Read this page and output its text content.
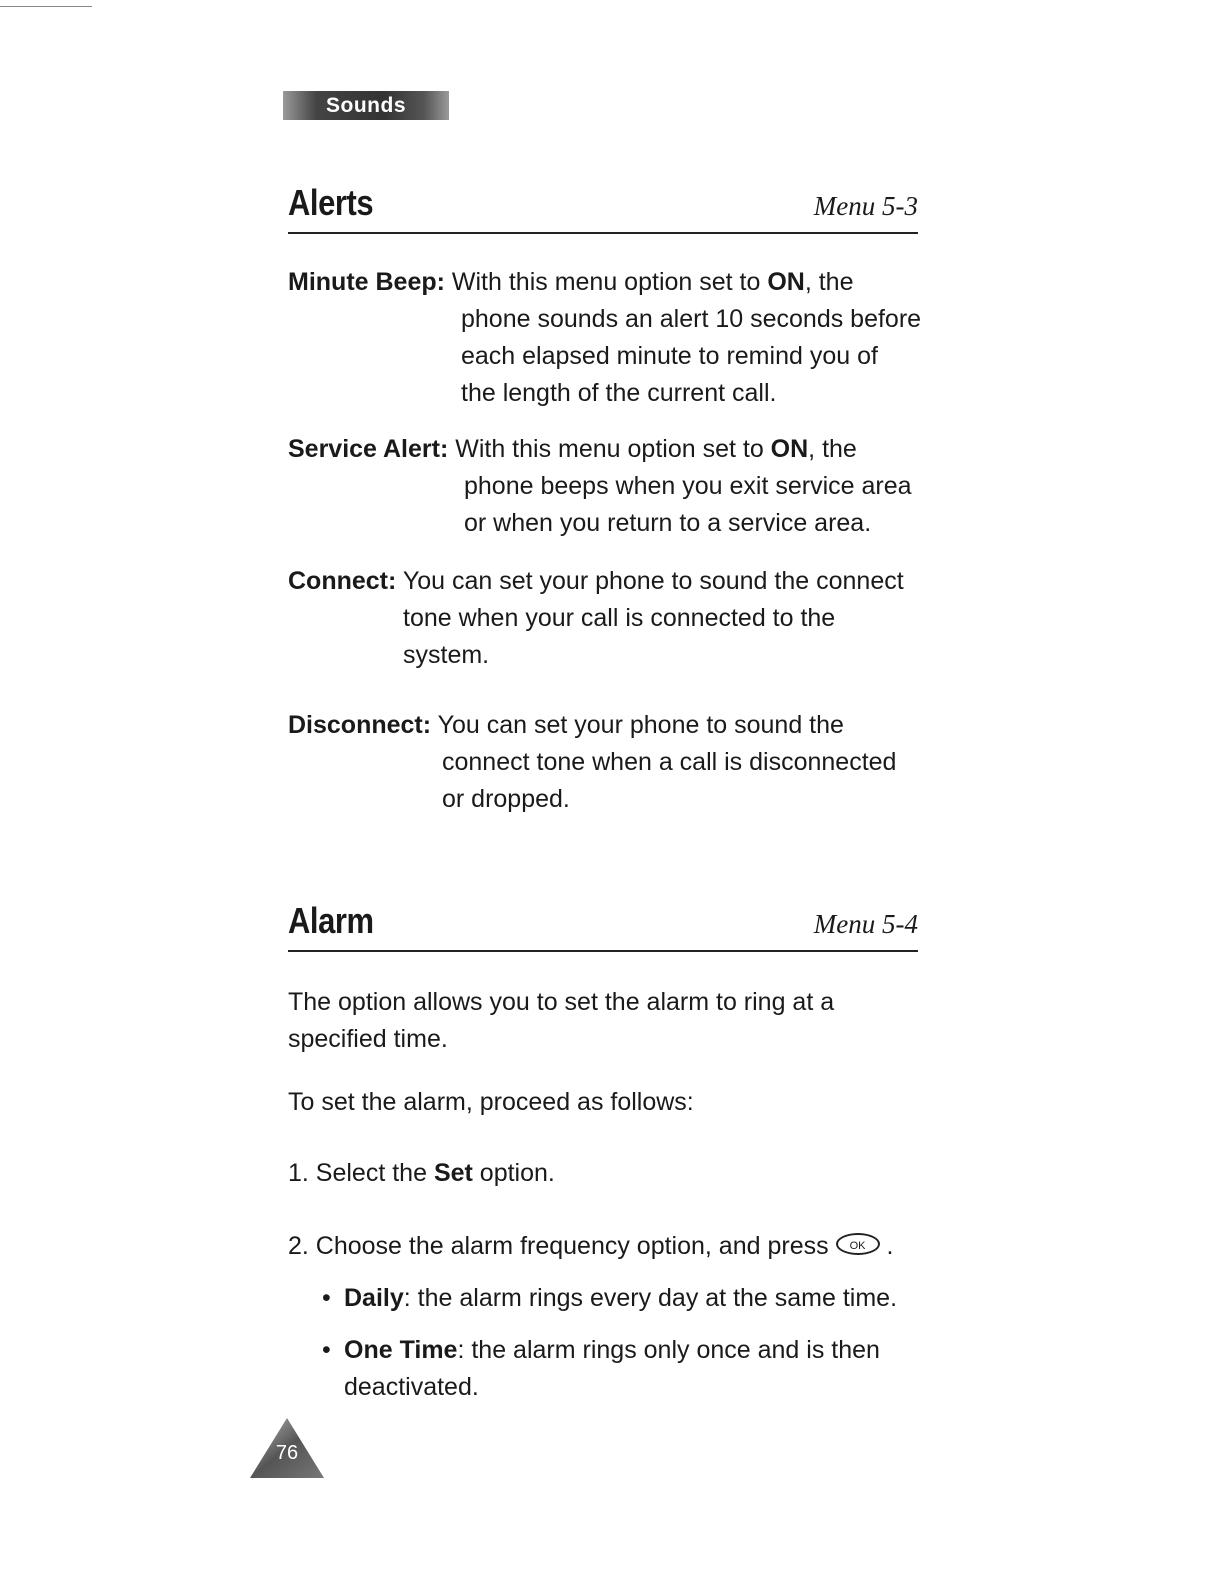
Sounds
Alerts	Menu 5-3
Minute Beep: With this menu option set to ON, the
phone sounds an alert 10 seconds before
each elapsed minute to remind you of
the length of the current call.
Service Alert: With this menu option set to ON, the
phone beeps when you exit service area
or when you return to a service area.
Connect: You can set your phone to sound the connect
tone when your call is connected to the
system.
Disconnect: You can set your phone to sound the
connect tone when a call is disconnected
or dropped.
Alarm	Menu 5-4
The option allows you to set the alarm to ring at a
specified time.
To set the alarm, proceed as follows:
1. Select the Set option.
2. Choose the alarm frequency option, and press OK .
• Daily: the alarm rings every day at the same time.
• One Time: the alarm rings only once and is then
deactivated.
76
